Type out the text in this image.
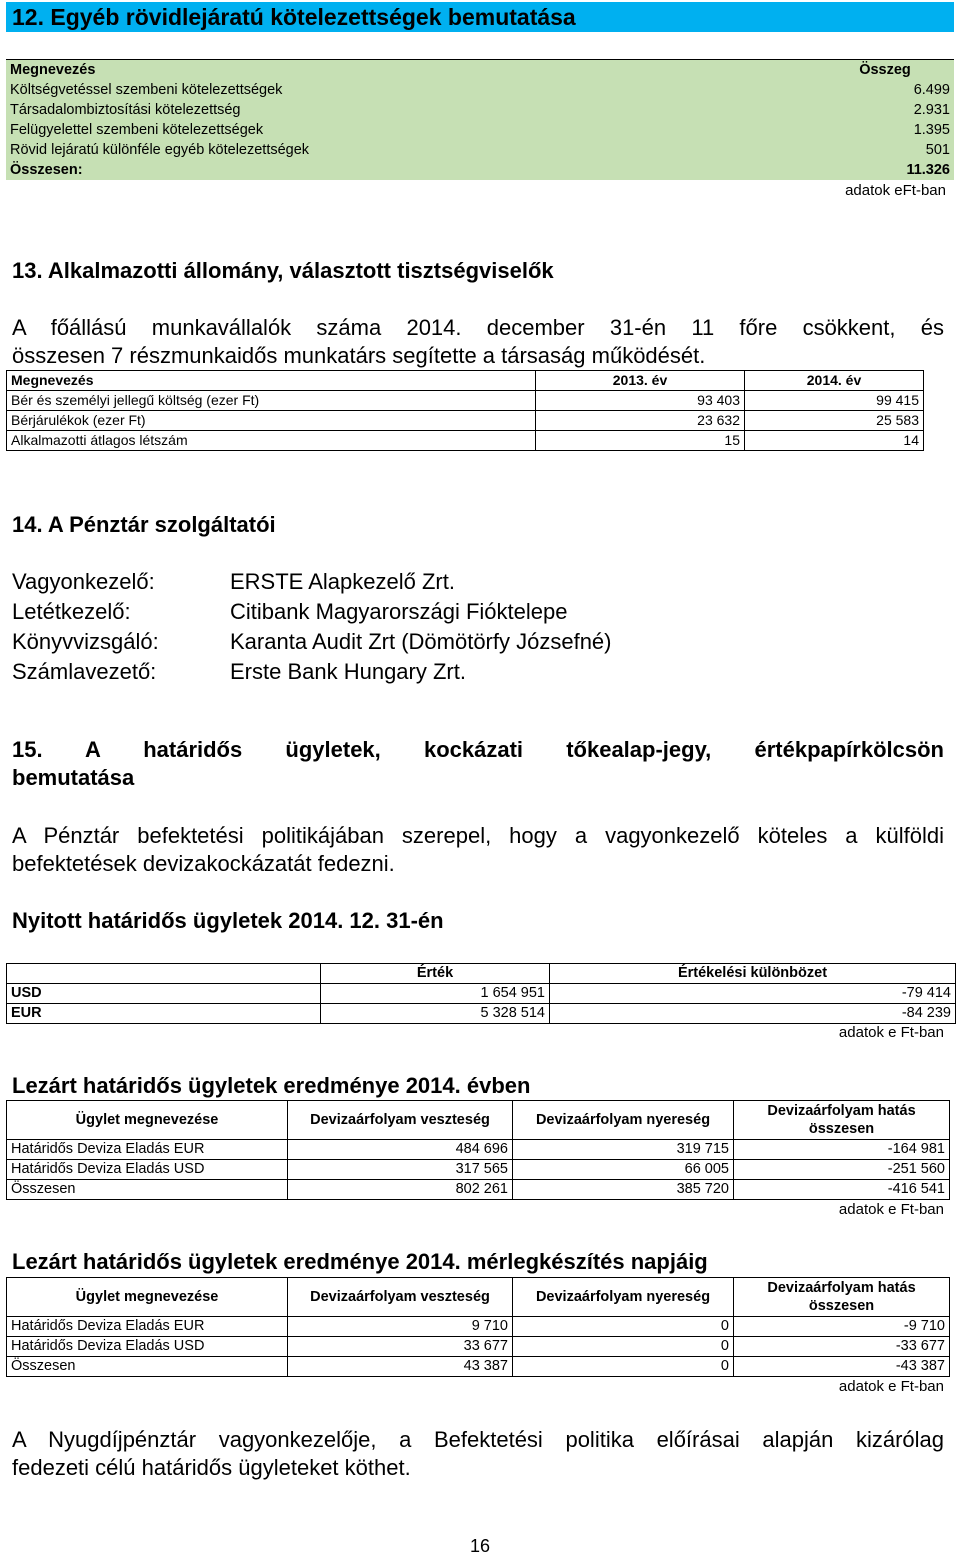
12. Egyéb rövidlejáratú kötelezettségek bemutatása
Megnevezés	Összeg
Költségvetéssel szembeni kötelezettségek	6.499
Társadalombiztosítási kötelezettség	2.931
Felügyelettel szembeni kötelezettségek	1.395
Rövid lejáratú különféle egyéb kötelezettségek	501
Összesen:	11.326
adatok eFt-ban
13. Alkalmazotti állomány, választott tisztségviselők
A főállású munkavállalók száma 2014. december 31-én 11 főre csökkent, és
összesen 7 részmunkaidős munkatárs segítette a társaság működését.
Megnevezés	2013. év	2014. év
Bér és személyi jellegű költség (ezer Ft)	93 403	99 415
Bérjárulékok (ezer Ft)	23 632	25 583
Alkalmazotti átlagos létszám	15	14
14. A Pénztár szolgáltatói
Vagyonkezelő:	ERSTE Alapkezelő Zrt.
Letétkezelő:	Citibank Magyarországi Fióktelepe
Könyvvizsgáló:	Karanta Audit Zrt (Dömötörfy Józsefné)
Számlavezető:	Erste Bank Hungary Zrt.
15. A határidős ügyletek, kockázati tőkealap-jegy, értékpapírkölcsön
bemutatása
A Pénztár befektetési politikájában szerepel, hogy a vagyonkezelő köteles a külföldi
befektetések devizakockázatát fedezni.
Nyitott határidős ügyletek 2014. 12. 31-én
	Érték	Értékelési különbözet
USD	1 654 951	-79 414
EUR	5 328 514	-84 239
adatok e Ft-ban
Lezárt határidős ügyletek eredménye 2014. évben
Ügylet megnevezése	Devizaárfolyam veszteség	Devizaárfolyam nyereség	Devizaárfolyam hatás
összesen
Határidős Deviza Eladás EUR	484 696	319 715	-164 981
Határidős Deviza Eladás USD	317 565	66 005	-251 560
Összesen	802 261	385 720	-416 541
adatok e Ft-ban
Lezárt határidős ügyletek eredménye 2014. mérlegkészítés napjáig
Ügylet megnevezése	Devizaárfolyam veszteség	Devizaárfolyam nyereség	Devizaárfolyam hatás
összesen
Határidős Deviza Eladás EUR	9 710	0	-9 710
Határidős Deviza Eladás USD	33 677	0	-33 677
Összesen	43 387	0	-43 387
adatok e Ft-ban
A Nyugdíjpénztár vagyonkezelője, a Befektetési politika előírásai alapján kizárólag
fedezeti célú határidős ügyleteket köthet.
16
